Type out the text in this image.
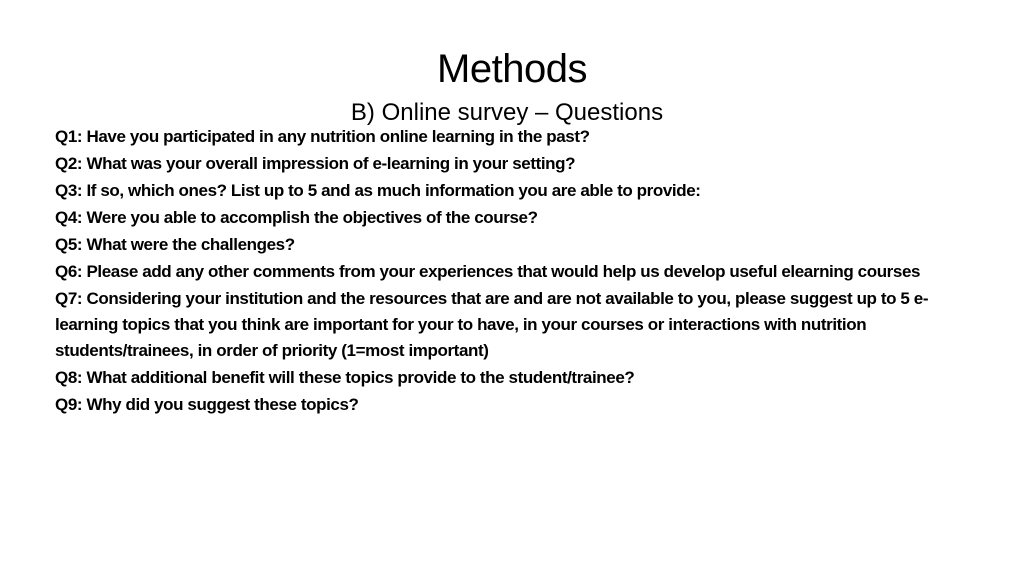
Methods
B) Online survey – Questions
Q1: Have you participated in any nutrition online learning in the past?
Q2: What was your overall impression of e-learning in your setting?
Q3: If so, which ones? List up to 5 and as much information you are able to provide:
Q4: Were you able to accomplish the objectives of the course?
Q5: What were the challenges?
Q6: Please add any other comments from your experiences that would help us develop useful elearning courses
Q7: Considering your institution and the resources that are and are not available to you, please suggest up to 5 e-learning topics that you think are important for your to have, in your courses or interactions with nutrition students/trainees, in order of priority (1=most important)
Q8: What additional benefit will these topics provide to the student/trainee?
Q9: Why did you suggest these topics?
